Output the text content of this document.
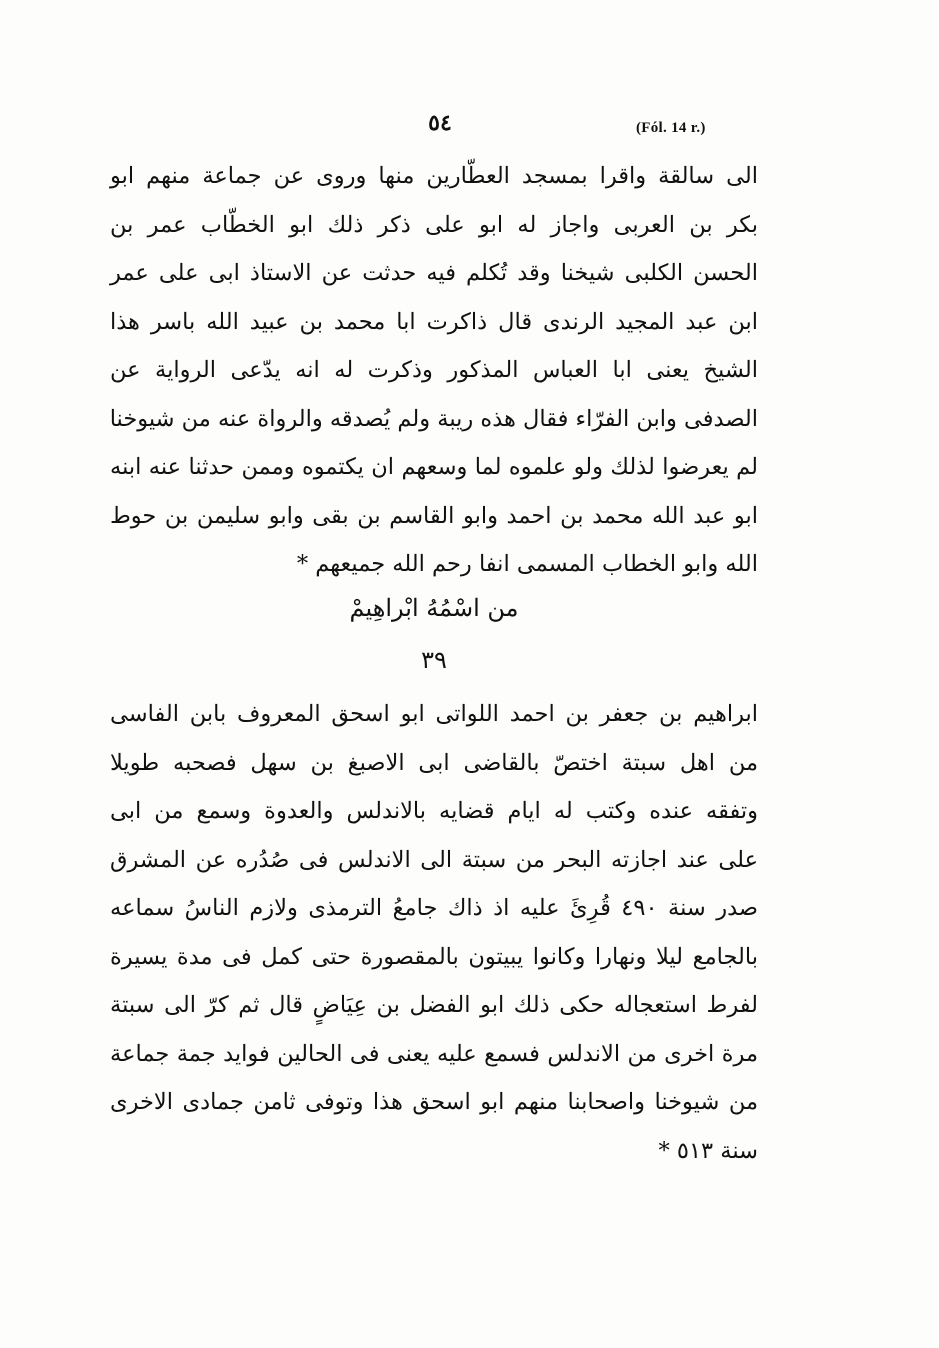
٥٤	(Fól. 14 r.)
الى سالقة واقرا بمسجد العطّارين منها وروى عن جماعة منهم ابو
بكر بن العربى واجاز له ابو على ذكر ذلك ابو الخطّاب عمر بن
الحسن الكلبى شيخنا وقد تُكلم فيه حدثت عن الاستاذ ابى على عمر
ابن عبد المجيد الرندى قال ذاكرت ابا محمد بن عبيد الله باسر هذا
الشيخ يعنى ابا العباس المذكور وذكرت له انه يدّعى الرواية عن
الصدفى وابن الفرّاء فقال هذه ريبة ولم يُصدقه والرواة عنه من شيوخنا
لم يعرضوا لذلك ولو علموه لما وسعهم ان يكتموه وممن حدثنا عنه ابنه
ابو عبد الله محمد بن احمد وابو القاسم بن بقى وابو سليمن بن حوط
الله وابو الخطاب المسمى انفا رحم الله جميعهم *
من اسْمُهُ ابْراهِيمْ
٣٩
ابراهيم بن جعفر بن احمد اللواتى ابو اسحق المعروف بابن الفاسى
من اهل سبتة اختصّ بالقاضى ابى الاصبغ بن سهل فصحبه طويلا
وتفقه عنده وكتب له ايام قضايه بالاندلس والعدوة وسمع من ابى
على عند اجازته البحر من سبتة الى الاندلس فى صُدُره عن المشرق
صدر سنة ٤٩٠ قُرِئَ عليه اذ ذاك جامعُ الترمذى ولازم الناسُ سماعه
بالجامع ليلا ونهارا وكانوا يبيتون بالمقصورة حتى كمل فى مدة يسيرة
لفرط استعجاله حكى ذلك ابو الفضل بن عِيَاضٍ قال ثم كرّ الى سبتة
مرة اخرى من الاندلس فسمع عليه يعنى فى الحالين فوايد جمة جماعة
من شيوخنا واصحابنا منهم ابو اسحق هذا وتوفى ثامن جمادى الاخرى
سنة ٥١٣ *
